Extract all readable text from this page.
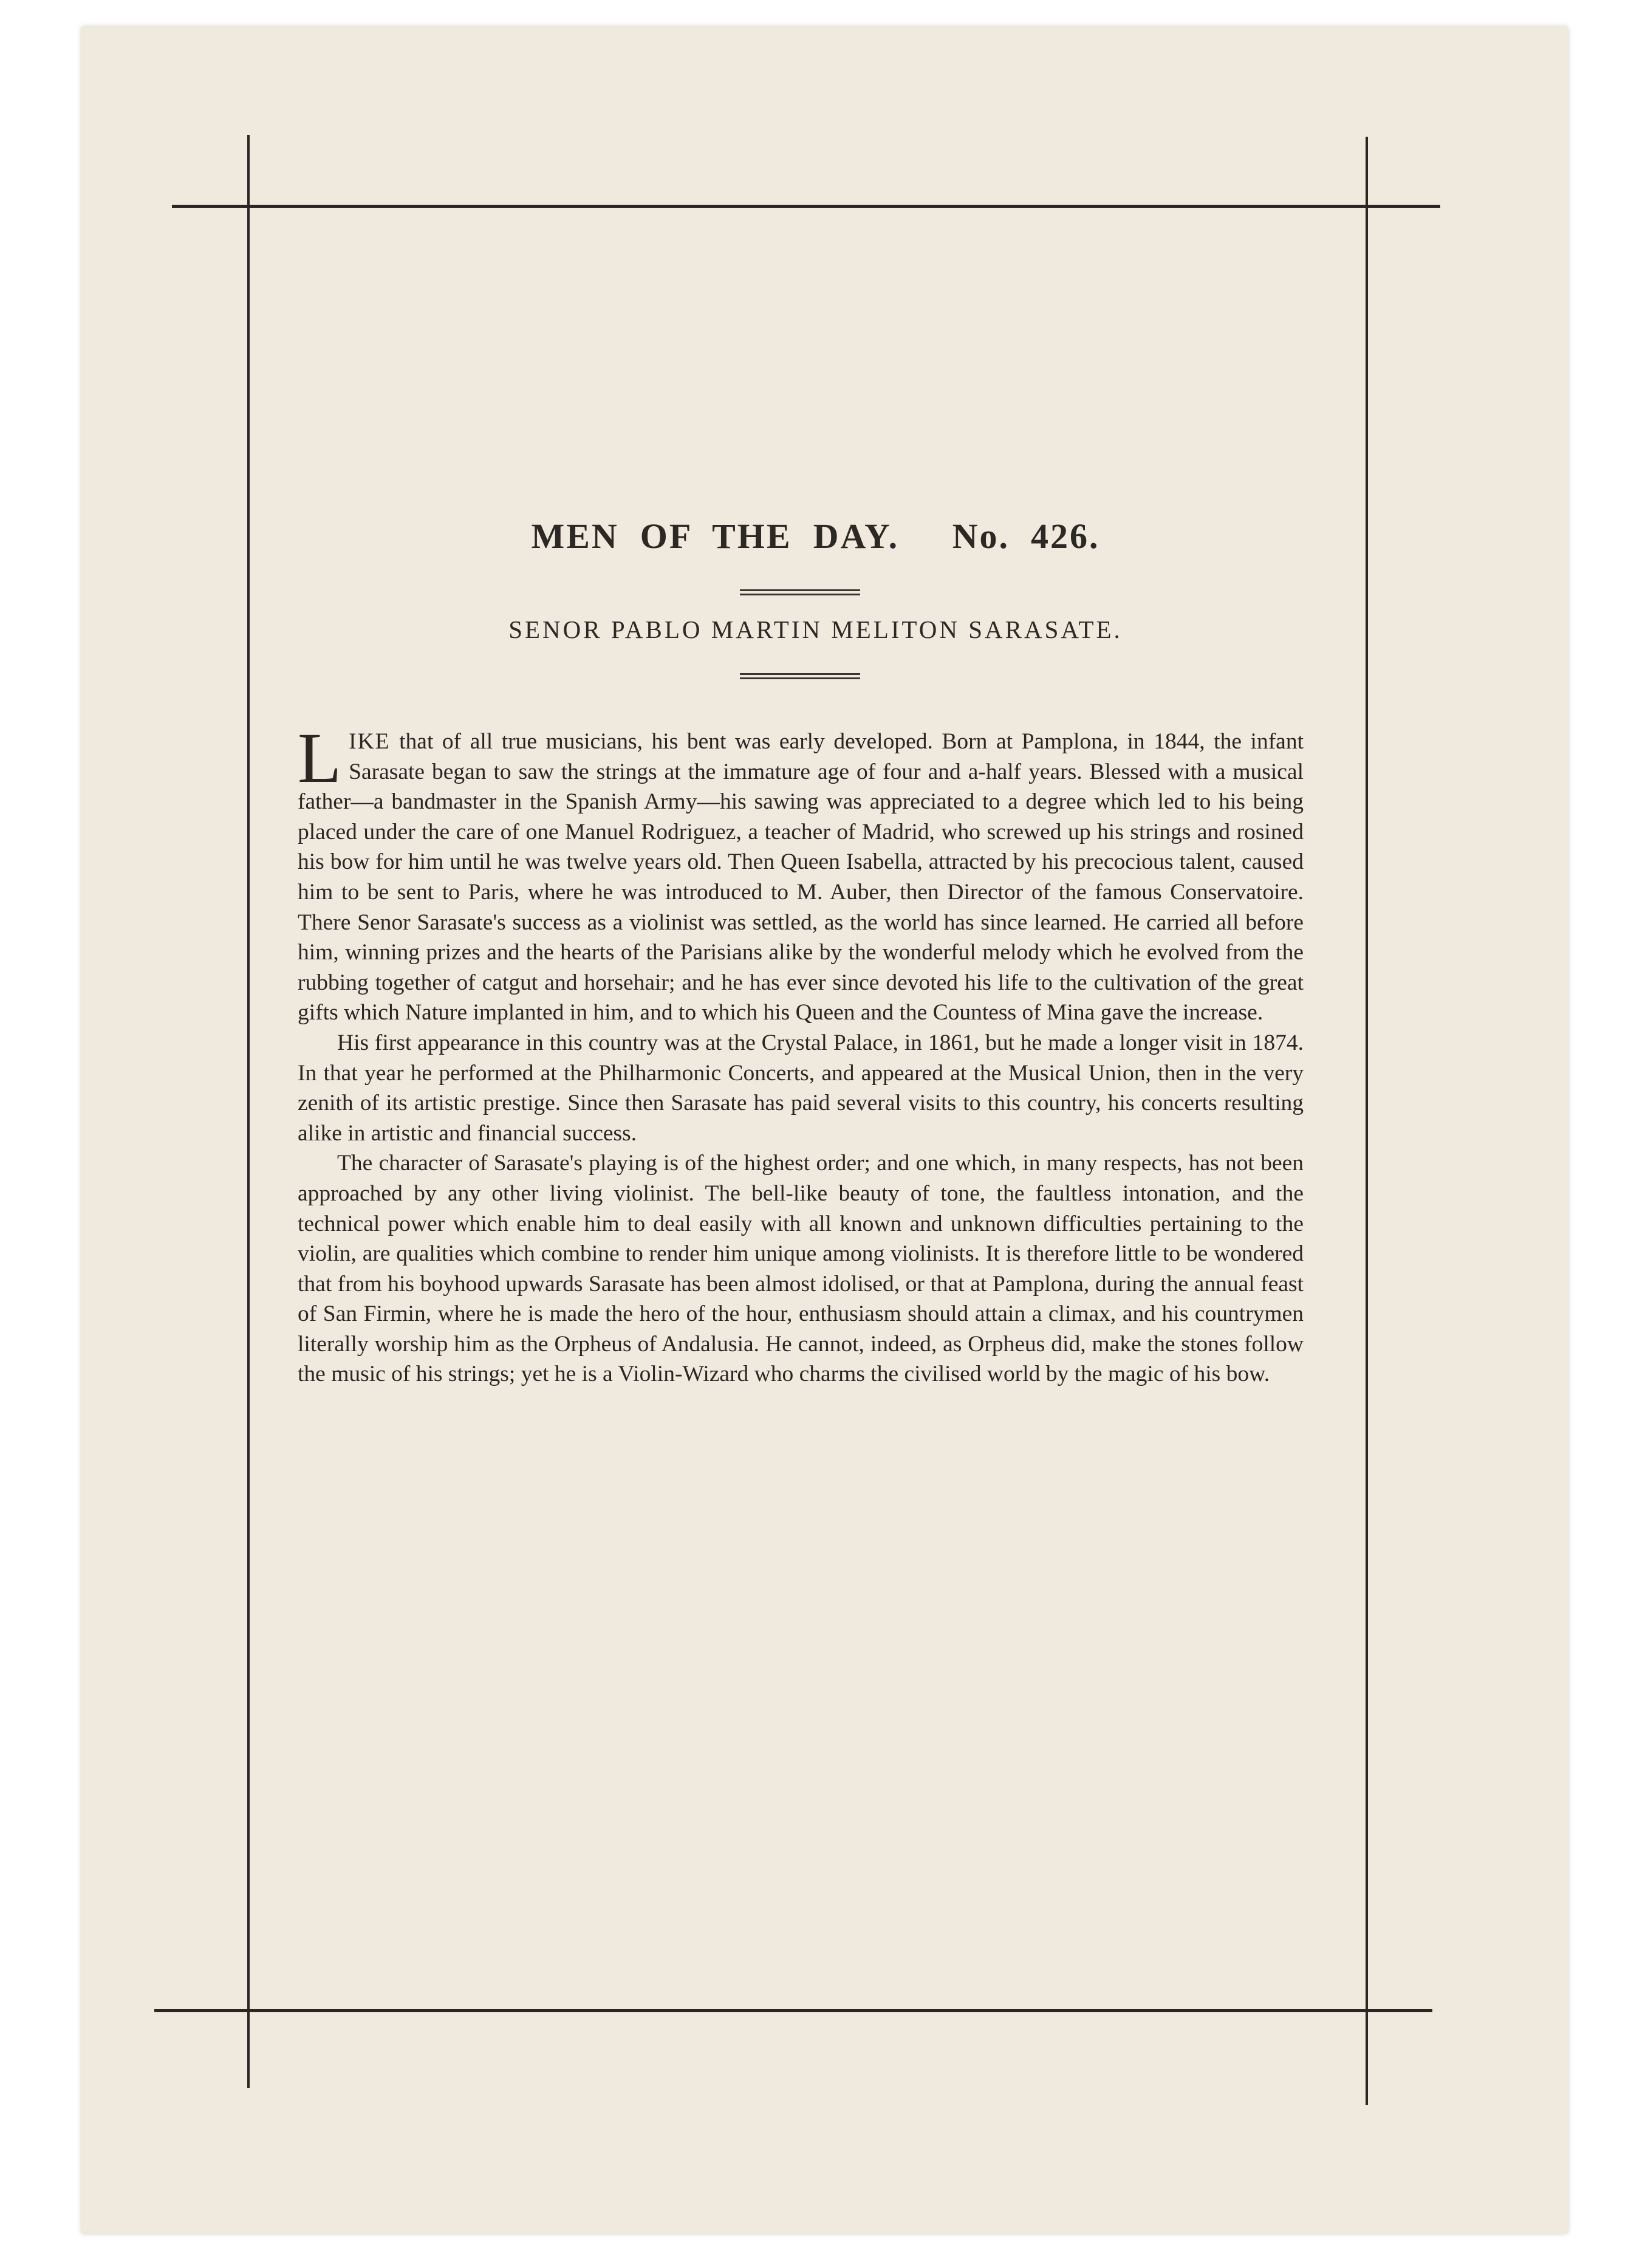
MEN  OF  THE  DAY.     No.  426.
SENOR PABLO MARTIN MELITON SARASATE.

LIKE that of all true musicians, his bent was early developed. Born at Pamplona, in 1844, the infant Sarasate began to saw the strings at the immature age of four and a-half years. Blessed with a musical father—a bandmaster in the Spanish Army—his sawing was appreciated to a degree which led to his being placed under the care of one Manuel Rodriguez, a teacher of Madrid, who screwed up his strings and rosined his bow for him until he was twelve years old. Then Queen Isabella, attracted by his precocious talent, caused him to be sent to Paris, where he was introduced to M. Auber, then Director of the famous Conservatoire. There Senor Sarasate's success as a violinist was settled, as the world has since learned. He carried all before him, winning prizes and the hearts of the Parisians alike by the wonderful melody which he evolved from the rubbing together of catgut and horsehair; and he has ever since devoted his life to the cultivation of the great gifts which Nature implanted in him, and to which his Queen and the Countess of Mina gave the increase.

His first appearance in this country was at the Crystal Palace, in 1861, but he made a longer visit in 1874. In that year he performed at the Philharmonic Concerts, and appeared at the Musical Union, then in the very zenith of its artistic prestige. Since then Sarasate has paid several visits to this country, his concerts resulting alike in artistic and financial success.

The character of Sarasate's playing is of the highest order; and one which, in many respects, has not been approached by any other living violinist. The bell-like beauty of tone, the faultless intonation, and the technical power which enable him to deal easily with all known and unknown difficulties pertaining to the violin, are qualities which combine to render him unique among violinists. It is therefore little to be wondered that from his boyhood upwards Sarasate has been almost idolised, or that at Pamplona, during the annual feast of San Firmin, where he is made the hero of the hour, enthusiasm should attain a climax, and his countrymen literally worship him as the Orpheus of Andalusia. He cannot, indeed, as Orpheus did, make the stones follow the music of his strings; yet he is a Violin-Wizard who charms the civilised world by the magic of his bow.
